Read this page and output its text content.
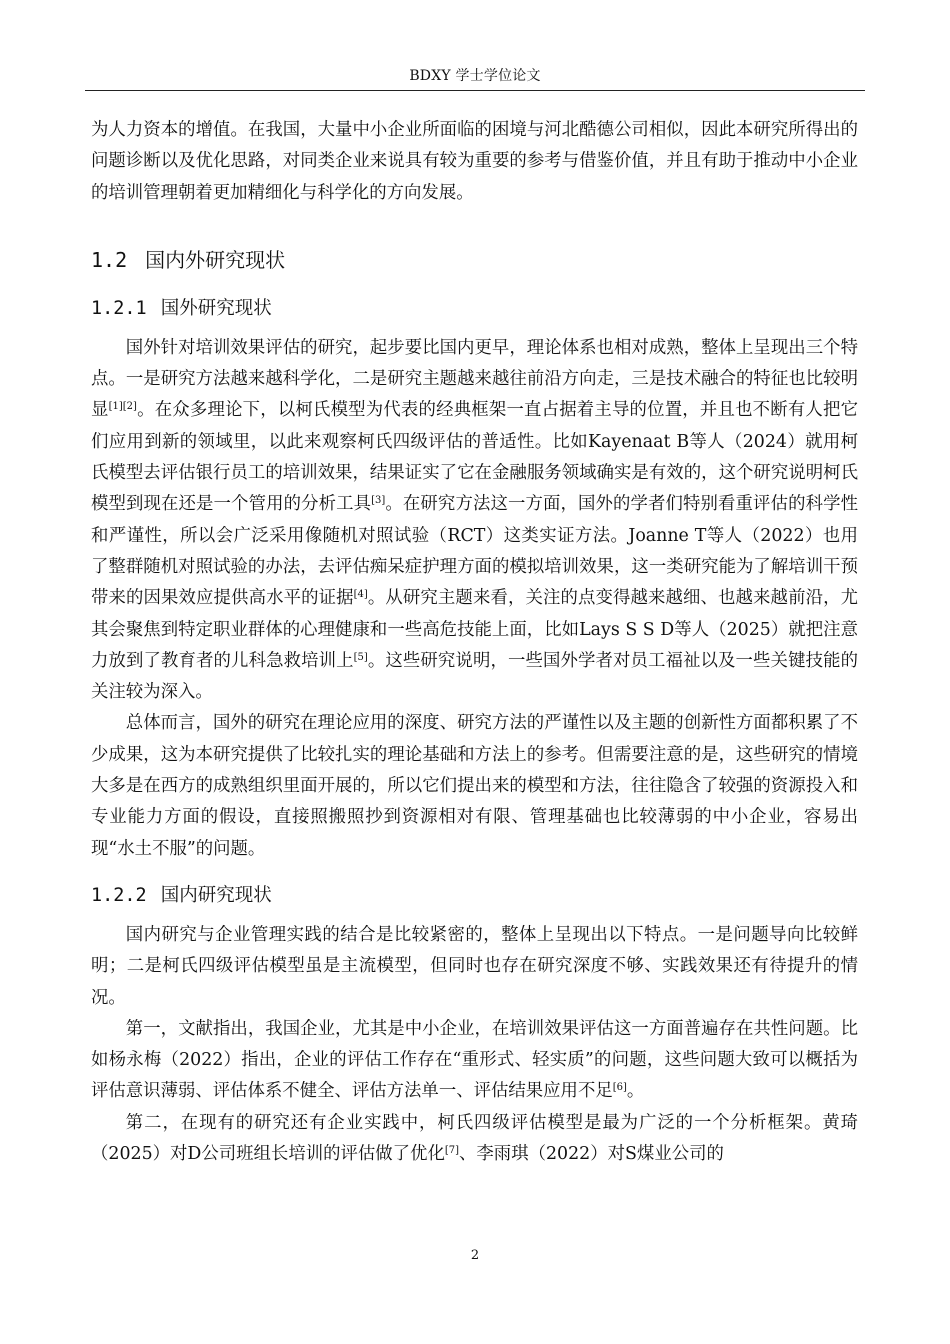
BDXY 学士学位论文

为人力资本的增值。在我国，大量中小企业所面临的困境与河北酷德公司相似，因此本研究所得出的问题诊断以及优化思路，对同类企业来说具有较为重要的参考与借鉴价值，并且有助于推动中小企业的培训管理朝着更加精细化与科学化的方向发展。

1.2 国内外研究现状
1.2.1 国外研究现状

国外针对培训效果评估的研究，起步要比国内更早，理论体系也相对成熟，整体上呈现出三个特点。一是研究方法越来越科学化，二是研究主题越来越往前沿方向走，三是技术融合的特征也比较明显[1][2]。在众多理论下，以柯氏模型为代表的经典框架一直占据着主导的位置，并且也不断有人把它们应用到新的领域里，以此来观察柯氏四级评估的普适性。比如Kayenaat B等人（2024）就用柯氏模型去评估银行员工的培训效果，结果证实了它在金融服务领域确实是有效的，这个研究说明柯氏模型到现在还是一个管用的分析工具[3]。在研究方法这一方面，国外的学者们特别看重评估的科学性和严谨性，所以会广泛采用像随机对照试验（RCT）这类实证方法。Joanne T等人（2022）也用了整群随机对照试验的办法，去评估痴呆症护理方面的模拟培训效果，这一类研究能为了解培训干预带来的因果效应提供高水平的证据[4]。从研究主题来看，关注的点变得越来越细、也越来越前沿，尤其会聚焦到特定职业群体的心理健康和一些高危技能上面，比如Lays S S D等人（2025）就把注意力放到了教育者的儿科急救培训上[5]。这些研究说明，一些国外学者对员工福祉以及一些关键技能的关注较为深入。

总体而言，国外的研究在理论应用的深度、研究方法的严谨性以及主题的创新性方面都积累了不少成果，这为本研究提供了比较扎实的理论基础和方法上的参考。但需要注意的是，这些研究的情境大多是在西方的成熟组织里面开展的，所以它们提出来的模型和方法，往往隐含了较强的资源投入和专业能力方面的假设，直接照搬照抄到资源相对有限、管理基础也比较薄弱的中小企业，容易出现“水土不服”的问题。

1.2.2 国内研究现状

国内研究与企业管理实践的结合是比较紧密的，整体上呈现出以下特点。一是问题导向比较鲜明；二是柯氏四级评估模型虽是主流模型，但同时也存在研究深度不够、实践效果还有待提升的情况。

第一，文献指出，我国企业，尤其是中小企业，在培训效果评估这一方面普遍存在共性问题。比如杨永梅（2022）指出，企业的评估工作存在“重形式、轻实质”的问题，这些问题大致可以概括为评估意识薄弱、评估体系不健全、评估方法单一、评估结果应用不足[6]。

第二，在现有的研究还有企业实践中，柯氏四级评估模型是最为广泛的一个分析框架。黄琦（2025）对D公司班组长培训的评估做了优化[7]、李雨琪（2022）对S煤业公司的

2
